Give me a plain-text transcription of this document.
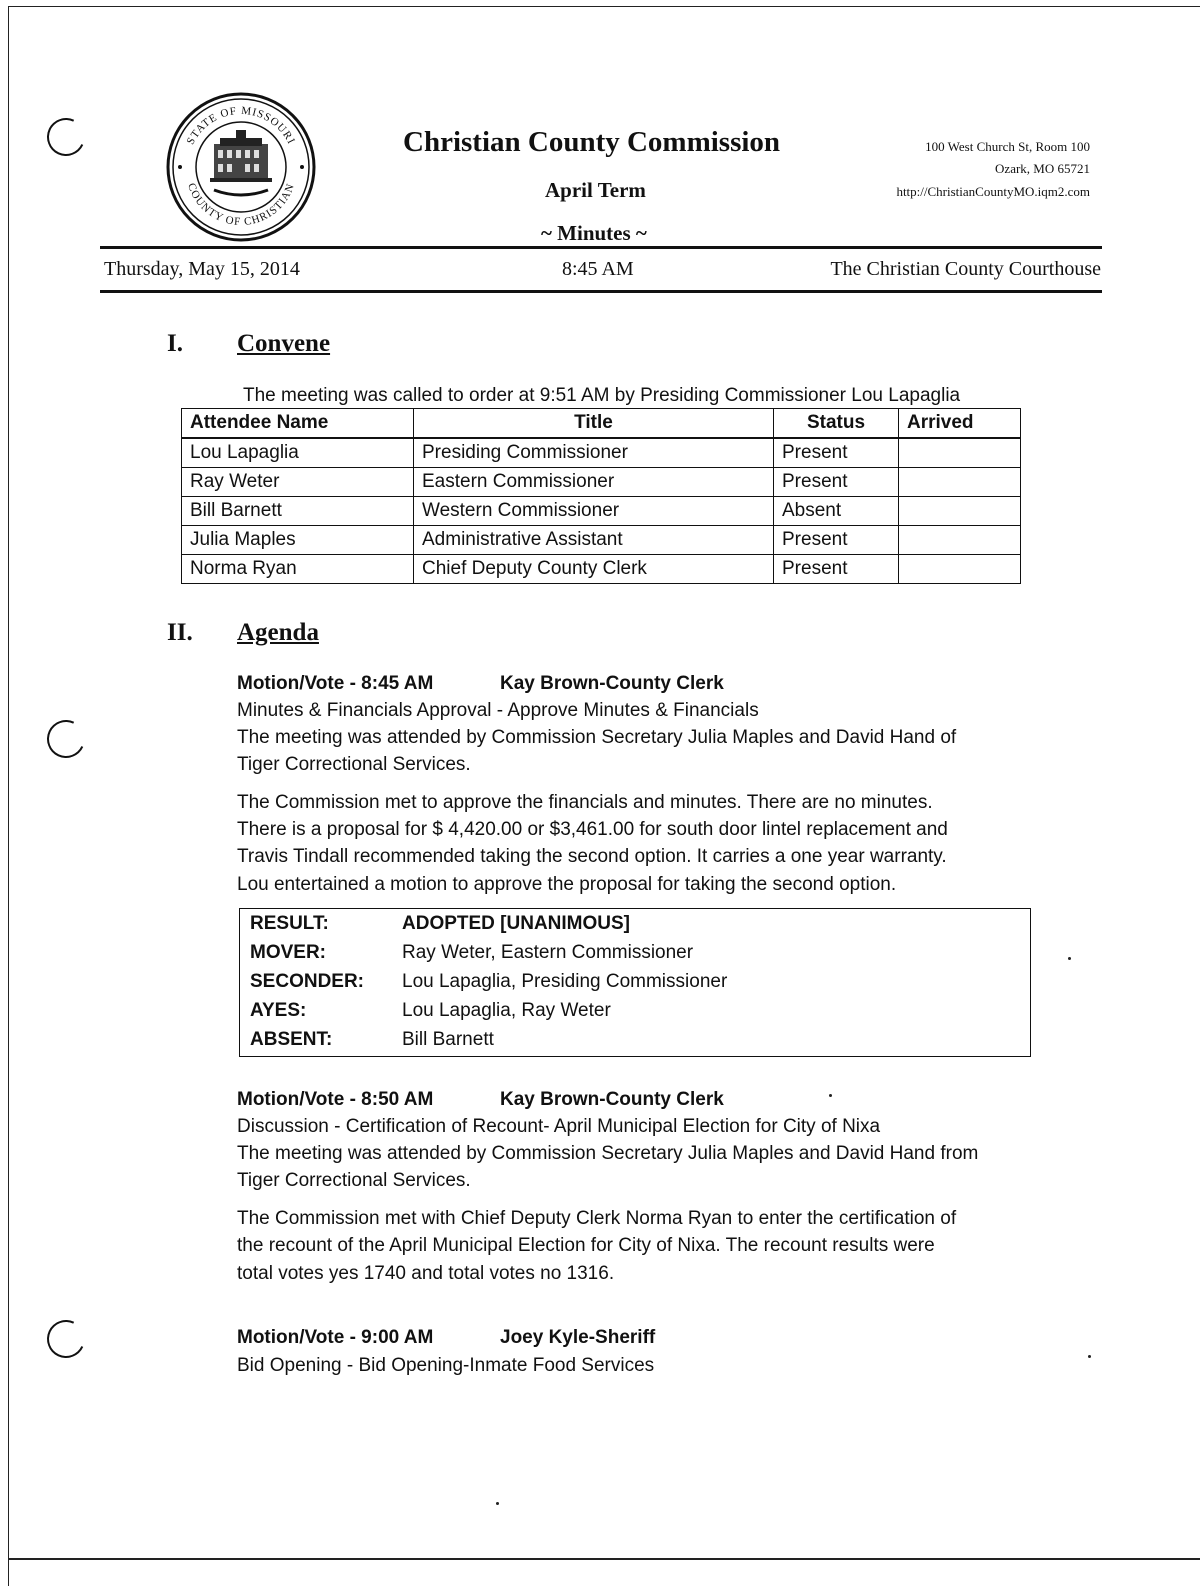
STATE OF MISSOURI
COUNTY OF CHRISTIAN
Christian County Commission
April Term
~ Minutes ~
100 West Church St, Room 100
Ozark, MO 65721
http://ChristianCountyMO.iqm2.com
Thursday, May 15, 2014	8:45 AM	The Christian County Courthouse
I. Convene
The meeting was called to order at 9:51 AM by Presiding Commissioner Lou Lapaglia
Attendee Name	Title	Status	Arrived
Lou Lapaglia	Presiding Commissioner	Present	
Ray Weter	Eastern Commissioner	Present	
Bill Barnett	Western Commissioner	Absent	
Julia Maples	Administrative Assistant	Present	
Norma Ryan	Chief Deputy County Clerk	Present	
II. Agenda
Motion/Vote - 8:45 AM	Kay Brown-County Clerk
Minutes & Financials Approval - Approve Minutes & Financials
The meeting was attended by Commission Secretary Julia Maples and David Hand of
Tiger Correctional Services.
The Commission met to approve the financials and minutes. There are no minutes.
There is a proposal for $ 4,420.00 or $3,461.00 for south door lintel replacement and
Travis Tindall recommended taking the second option. It carries a one year warranty.
Lou entertained a motion to approve the proposal for taking the second option.
RESULT:	ADOPTED [UNANIMOUS]
MOVER:	Ray Weter, Eastern Commissioner
SECONDER: Lou Lapaglia, Presiding Commissioner
AYES:	Lou Lapaglia, Ray Weter
ABSENT:	Bill Barnett
Motion/Vote - 8:50 AM	Kay Brown-County Clerk
Discussion - Certification of Recount- April Municipal Election for City of Nixa
The meeting was attended by Commission Secretary Julia Maples and David Hand from
Tiger Correctional Services.
The Commission met with Chief Deputy Clerk Norma Ryan to enter the certification of
the recount of the April Municipal Election for City of Nixa. The recount results were
total votes yes 1740 and total votes no 1316.
Motion/Vote - 9:00 AM	Joey Kyle-Sheriff
Bid Opening - Bid Opening-Inmate Food Services
